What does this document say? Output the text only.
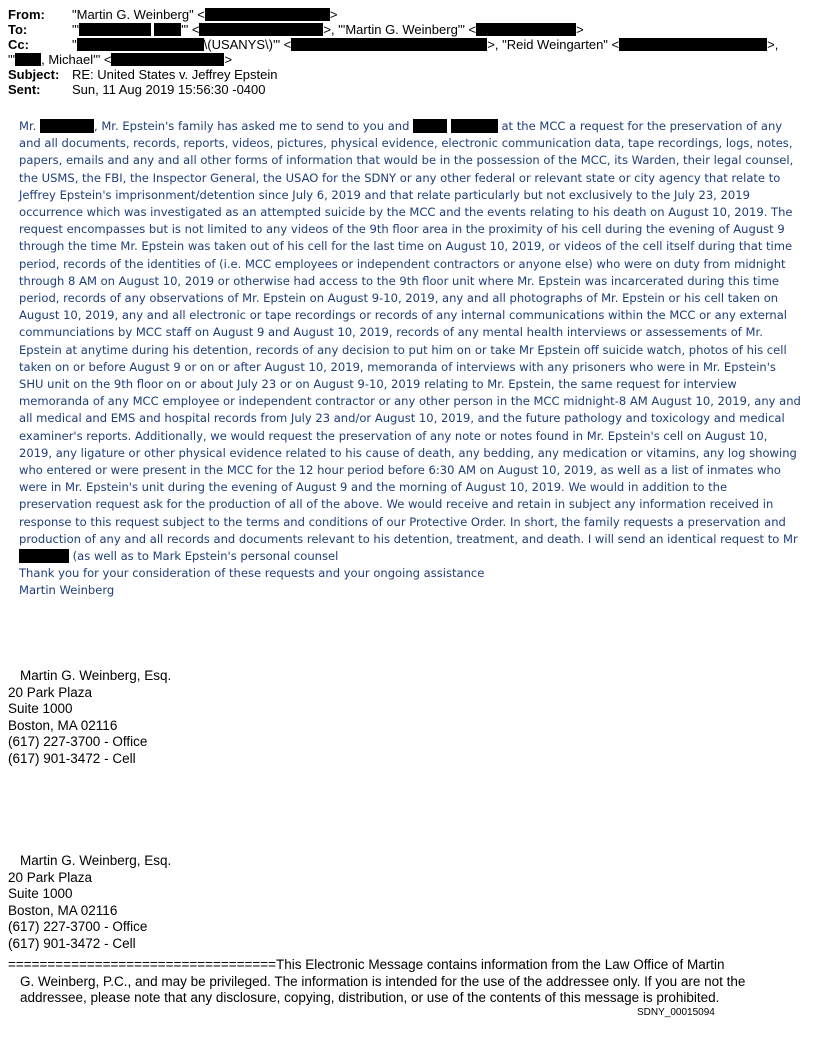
From: "Martin G. Weinberg" <	>
To:	"'	'" <	>, "'Martin G. Weinberg'" <	>
Cc:	"	\(USANYS\)'" <	>, "Reid Weingarten" <	>,
"' , Michael'" <	>
Subject: RE: United States v. Jeffrey Epstein
Sent: Sun, 11 Aug 2019 15:56:30 -0400

Mr.	, Mr. Epstein's family has asked me to send to you and	at the MCC a request for the preservation of any and all documents, records, reports, videos, pictures, physical evidence, electronic communication data, tape recordings, logs, notes, papers, emails and any and all other forms of information that would be in the possession of the MCC, its Warden, their legal counsel, the USMS, the FBI, the Inspector General, the USAO for the SDNY or any other federal or relevant state or city agency that relate to Jeffrey Epstein's imprisonment/detention since July 6, 2019 and that relate particularly but not exclusively to the July 23, 2019 occurrence which was investigated as an attempted suicide by the MCC and the events relating to his death on August 10, 2019. The request encompasses but is not limited to any videos of the 9th floor area in the proximity of his cell during the evening of August 9 through the time Mr. Epstein was taken out of his cell for the last time on August 10, 2019, or videos of the cell itself during that time period, records of the identities of (i.e. MCC employees or independent contractors or anyone else) who were on duty from midnight through 8 AM on August 10, 2019 or otherwise had access to the 9th floor unit where Mr. Epstein was incarcerated during this time period, records of any observations of Mr. Epstein on August 9-10, 2019, any and all photographs of Mr. Epstein or his cell taken on August 10, 2019, any and all electronic or tape recordings or records of any internal communications within the MCC or any external communciations by MCC staff on August 9 and August 10, 2019, records of any mental health interviews or assessements of Mr. Epstein at anytime during his detention, records of any decision to put him on or take Mr Epstein off suicide watch, photos of his cell taken on or before August 9 or on or after August 10, 2019, memoranda of interviews with any prisoners who were in Mr. Epstein's SHU unit on the 9th floor on or about July 23 or on August 9-10, 2019 relating to Mr. Epstein, the same request for interview memoranda of any MCC employee or independent contractor or any other person in the MCC midnight-8 AM August 10, 2019, any and all medical and EMS and hospital records from July 23 and/or August 10, 2019, and the future pathology and toxicology and medical examiner's reports. Additionally, we would request the preservation of any note or notes found in Mr. Epstein's cell on August 10, 2019, any ligature or other physical evidence related to his cause of death, any bedding, any medication or vitamins, any log showing who entered or were present in the MCC for the 12 hour period before 6:30 AM on August 10, 2019, as well as a list of inmates who were in Mr. Epstein's unit during the evening of August 9 and the morning of August 10, 2019. We would in addition to the preservation request ask for the production of all of the above. We would receive and retain in subject any information received in response to this request subject to the terms and conditions of our Protective Order. In short, the family requests a preservation and production of any and all records and documents relevant to his detention, treatment, and death. I will send an identical request to Mr  (as well as to Mark Epstein's personal counsel

Thank you for your consideration of these requests and your ongoing assistance

Martin Weinberg

Martin G. Weinberg, Esq.
20 Park Plaza
Suite 1000
Boston, MA 02116
(617) 227-3700 - Office
(617) 901-3472 - Cell
Martin G. Weinberg, Esq.
20 Park Plaza
Suite 1000
Boston, MA 02116
(617) 227-3700 - Office
(617) 901-3472 - Cell
==================================This Electronic Message contains information from the Law Office of Martin
G. Weinberg, P.C., and may be privileged. The information is intended for the use of the addressee only. If you are not the addressee, please note that any disclosure, copying, distribution, or use of the contents of this message is prohibited.
SDNY_00015094
